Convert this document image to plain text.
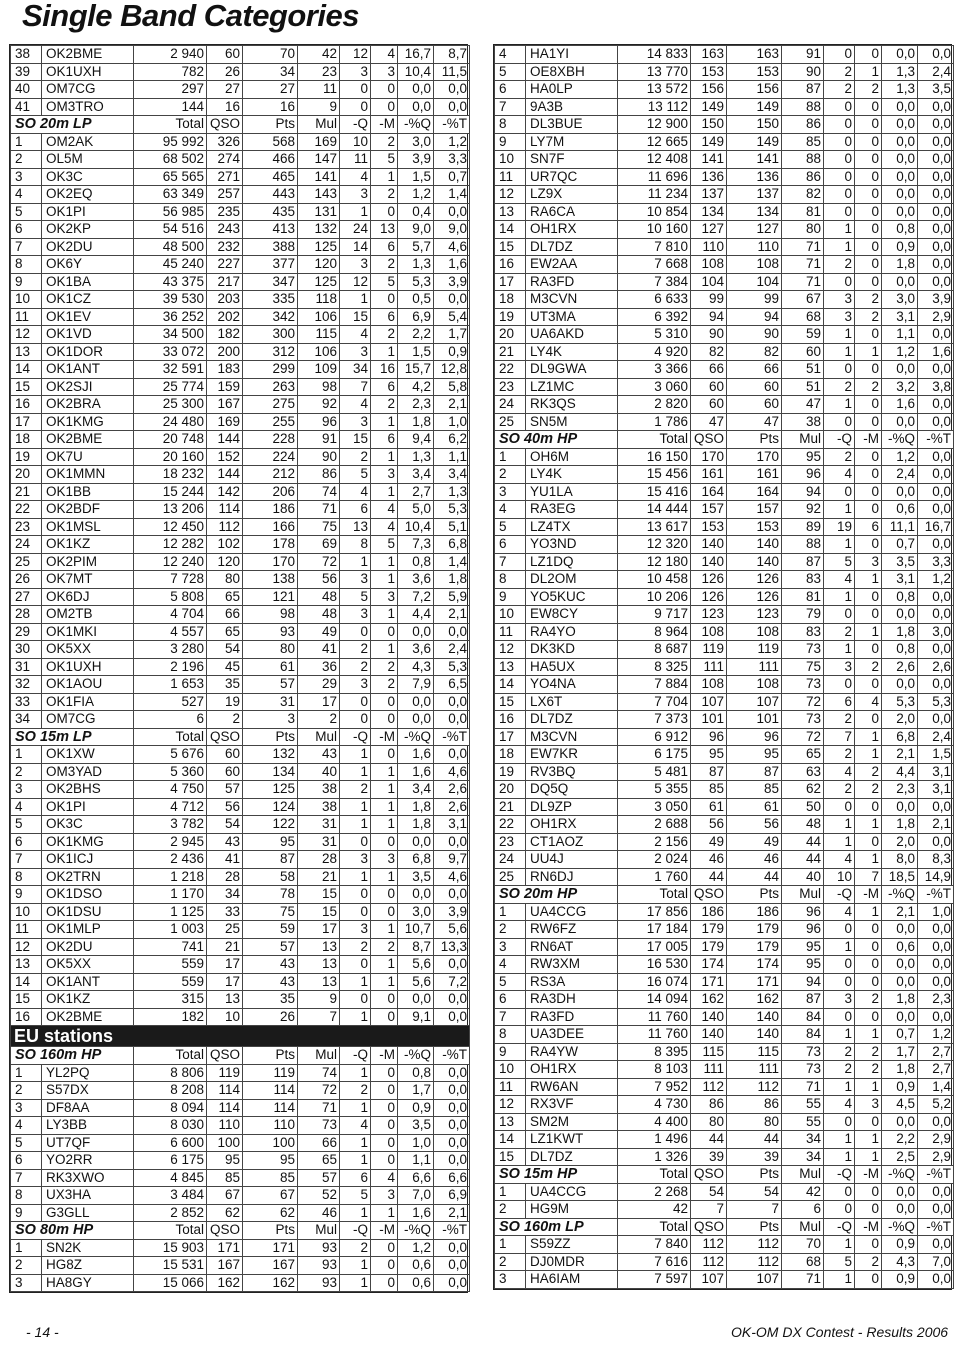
Single Band Categories
38	OK2BME	2 940	60	70	42	12	4	16,7	8,7
39	OK1UXH	782	26	34	23	3	3	10,4	11,5
40	OM7CG	297	27	27	11	0	0	0,0	0,0
41	OM3TRO	144	16	16	9	0	0	0,0	0,0
SO 20m LP		Total	QSO	Pts	Mul	-Q	-M	-%Q	-%T
1	OM2AK	95 992	326	568	169	10	2	3,0	1,2
2	OL5M	68 502	274	466	147	11	5	3,9	3,3
3	OK3C	65 565	271	465	141	4	1	1,5	0,7
4	OK2EQ	63 349	257	443	143	3	2	1,2	1,4
5	OK1PI	56 985	235	435	131	1	0	0,4	0,0
6	OK2KP	54 516	243	413	132	24	13	9,0	9,0
7	OK2DU	48 500	232	388	125	14	6	5,7	4,6
8	OK6Y	45 240	227	377	120	3	2	1,3	1,6
9	OK1BA	43 375	217	347	125	12	5	5,3	3,9
10	OK1CZ	39 530	203	335	118	1	0	0,5	0,0
11	OK1EV	36 252	202	342	106	15	6	6,9	5,4
12	OK1VD	34 500	182	300	115	4	2	2,2	1,7
13	OK1DOR	33 072	200	312	106	3	1	1,5	0,9
14	OK1ANT	32 591	183	299	109	34	16	15,7	12,8
15	OK2SJI	25 774	159	263	98	7	6	4,2	5,8
16	OK2BRA	25 300	167	275	92	4	2	2,3	2,1
17	OK1KMG	24 480	169	255	96	3	1	1,8	1,0
18	OK2BME	20 748	144	228	91	15	6	9,4	6,2
19	OK7U	20 160	152	224	90	2	1	1,3	1,1
20	OK1MMN	18 232	144	212	86	5	3	3,4	3,4
21	OK1BB	15 244	142	206	74	4	1	2,7	1,3
22	OK2BDF	13 206	114	186	71	6	4	5,0	5,3
23	OK1MSL	12 450	112	166	75	13	4	10,4	5,1
24	OK1KZ	12 282	102	178	69	8	5	7,3	6,8
25	OK2PIM	12 240	120	170	72	1	1	0,8	1,4
26	OK7MT	7 728	80	138	56	3	1	3,6	1,8
27	OK6DJ	5 808	65	121	48	5	3	7,2	5,9
28	OM2TB	4 704	66	98	48	3	1	4,4	2,1
29	OK1MKI	4 557	65	93	49	0	0	0,0	0,0
30	OK5XX	3 280	54	80	41	2	1	3,6	2,4
31	OK1UXH	2 196	45	61	36	2	2	4,3	5,3
32	OK1AOU	1 653	35	57	29	3	2	7,9	6,5
33	OK1FIA	527	19	31	17	0	0	0,0	0,0
34	OM7CG	6	2	3	2	0	0	0,0	0,0
SO 15m LP		Total	QSO	Pts	Mul	-Q	-M	-%Q	-%T
1	OK1XW	5 676	60	132	43	1	0	1,6	0,0
2	OM3YAD	5 360	60	134	40	1	1	1,6	4,6
3	OK2BHS	4 750	57	125	38	2	1	3,4	2,6
4	OK1PI	4 712	56	124	38	1	1	1,8	2,6
5	OK3C	3 782	54	122	31	1	1	1,8	3,1
6	OK1KMG	2 945	43	95	31	0	0	0,0	0,0
7	OK1ICJ	2 436	41	87	28	3	3	6,8	9,7
8	OK2TRN	1 218	28	58	21	1	1	3,5	4,6
9	OK1DSO	1 170	34	78	15	0	0	0,0	0,0
10	OK1DSU	1 125	33	75	15	0	0	3,0	3,9
11	OK1MLP	1 003	25	59	17	3	1	10,7	5,6
12	OK2DU	741	21	57	13	2	2	8,7	13,3
13	OK5XX	559	17	43	13	0	1	5,6	0,0
14	OK1ANT	559	17	43	13	1	1	5,6	7,2
15	OK1KZ	315	13	35	9	0	0	0,0	0,0
16	OK2BME	182	10	26	7	1	0	9,1	0,0
EU stations									
SO 160m HP		Total	QSO	Pts	Mul	-Q	-M	-%Q	-%T
1	YL2PQ	8 806	119	119	74	1	0	0,8	0,0
2	S57DX	8 208	114	114	72	2	0	1,7	0,0
3	DF8AA	8 094	114	114	71	1	0	0,9	0,0
4	LY3BB	8 030	110	110	73	4	0	3,5	0,0
5	UT7QF	6 600	100	100	66	1	0	1,0	0,0
6	YO2RR	6 175	95	95	65	1	0	1,1	0,0
7	RK3XWO	4 845	85	85	57	6	4	6,6	6,6
8	UX3HA	3 484	67	67	52	5	3	7,0	6,9
9	G3GLL	2 852	62	62	46	1	1	1,6	2,1
SO 80m HP		Total	QSO	Pts	Mul	-Q	-M	-%Q	-%T
1	SN2K	15 903	171	171	93	2	0	1,2	0,0
2	HG8Z	15 531	167	167	93	1	0	0,6	0,0
3	HA8GY	15 066	162	162	93	1	0	0,6	0,0
4	HA1YI	14 833	163	163	91	0	0	0,0	0,0
5	OE8XBH	13 770	153	153	90	2	1	1,3	2,4
6	HA0LP	13 572	156	156	87	2	2	1,3	3,5
7	9A3B	13 112	149	149	88	0	0	0,0	0,0
8	DL3BUE	12 900	150	150	86	0	0	0,0	0,0
9	LY7M	12 665	149	149	85	0	0	0,0	0,0
10	SN7F	12 408	141	141	88	0	0	0,0	0,0
11	UR7QC	11 696	136	136	86	0	0	0,0	0,0
12	LZ9X	11 234	137	137	82	0	0	0,0	0,0
13	RA6CA	10 854	134	134	81	0	0	0,0	0,0
14	OH1RX	10 160	127	127	80	1	0	0,8	0,0
15	DL7DZ	7 810	110	110	71	1	0	0,9	0,0
16	EW2AA	7 668	108	108	71	2	0	1,8	0,0
17	RA3FD	7 384	104	104	71	0	0	0,0	0,0
18	M3CVN	6 633	99	99	67	3	2	3,0	3,9
19	UT3MA	6 392	94	94	68	3	2	3,1	2,9
20	UA6AKD	5 310	90	90	59	1	0	1,1	0,0
21	LY4K	4 920	82	82	60	1	1	1,2	1,6
22	DL9GWA	3 366	66	66	51	0	0	0,0	0,0
23	LZ1MC	3 060	60	60	51	2	2	3,2	3,8
24	RK3QS	2 820	60	60	47	1	0	1,6	0,0
25	SN5M	1 786	47	47	38	0	0	0,0	0,0
SO 40m HP		Total	QSO	Pts	Mul	-Q	-M	-%Q	-%T
1	OH6M	16 150	170	170	95	2	0	1,2	0,0
2	LY4K	15 456	161	161	96	4	0	2,4	0,0
3	YU1LA	15 416	164	164	94	0	0	0,0	0,0
4	RA3EG	14 444	157	157	92	1	0	0,6	0,0
5	LZ4TX	13 617	153	153	89	19	6	11,1	16,7
6	YO3ND	12 320	140	140	88	1	0	0,7	0,0
7	LZ1DQ	12 180	140	140	87	5	3	3,5	3,3
8	DL2OM	10 458	126	126	83	4	1	3,1	1,2
9	YO5KUC	10 206	126	126	81	1	0	0,8	0,0
10	EW8CY	9 717	123	123	79	0	0	0,0	0,0
11	RA4YO	8 964	108	108	83	2	1	1,8	3,0
12	DK3KD	8 687	119	119	73	1	0	0,8	0,0
13	HA5UX	8 325	111	111	75	3	2	2,6	2,6
14	YO4NA	7 884	108	108	73	0	0	0,0	0,0
15	LX6T	7 704	107	107	72	6	4	5,3	5,3
16	DL7DZ	7 373	101	101	73	2	0	2,0	0,0
17	M3CVN	6 912	96	96	72	7	1	6,8	2,4
18	EW7KR	6 175	95	95	65	2	1	2,1	1,5
19	RV3BQ	5 481	87	87	63	4	2	4,4	3,1
20	DQ5Q	5 355	85	85	62	2	2	2,3	3,1
21	DL9ZP	3 050	61	61	50	0	0	0,0	0,0
22	OH1RX	2 688	56	56	48	1	1	1,8	2,1
23	CT1AOZ	2 156	49	49	44	1	0	2,0	0,0
24	UU4J	2 024	46	46	44	4	1	8,0	8,3
25	RN6DJ	1 760	44	44	40	10	7	18,5	14,9
SO 20m HP		Total	QSO	Pts	Mul	-Q	-M	-%Q	-%T
1	UA4CCG	17 856	186	186	96	4	1	2,1	1,0
2	RW6FZ	17 184	179	179	96	0	0	0,0	0,0
3	RN6AT	17 005	179	179	95	1	0	0,6	0,0
4	RW3XM	16 530	174	174	95	0	0	0,0	0,0
5	RS3A	16 074	171	171	94	0	0	0,0	0,0
6	RA3DH	14 094	162	162	87	3	2	1,8	2,3
7	RA3FD	11 760	140	140	84	0	0	0,0	0,0
8	UA3DEE	11 760	140	140	84	1	1	0,7	1,2
9	RA4YW	8 395	115	115	73	2	2	1,7	2,7
10	OH1RX	8 103	111	111	73	2	2	1,8	2,7
11	RW6AN	7 952	112	112	71	1	1	0,9	1,4
12	RX3VF	4 730	86	86	55	4	3	4,5	5,2
13	SM2M	4 400	80	80	55	0	0	0,0	0,0
14	LZ1KWT	1 496	44	44	34	1	1	2,2	2,9
15	DL7DZ	1 326	39	39	34	1	1	2,5	2,9
SO 15m HP		Total	QSO	Pts	Mul	-Q	-M	-%Q	-%T
1	UA4CCG	2 268	54	54	42	0	0	0,0	0,0
2	HG9M	42	7	7	6	0	0	0,0	0,0
SO 160m LP		Total	QSO	Pts	Mul	-Q	-M	-%Q	-%T
1	S59ZZ	7 840	112	112	70	1	0	0,9	0,0
2	DJ0MDR	7 616	112	112	68	5	2	4,3	7,0
3	HA6IAM	7 597	107	107	71	1	0	0,9	0,0
- 14 -	OK-OM DX Contest - Results 2006
